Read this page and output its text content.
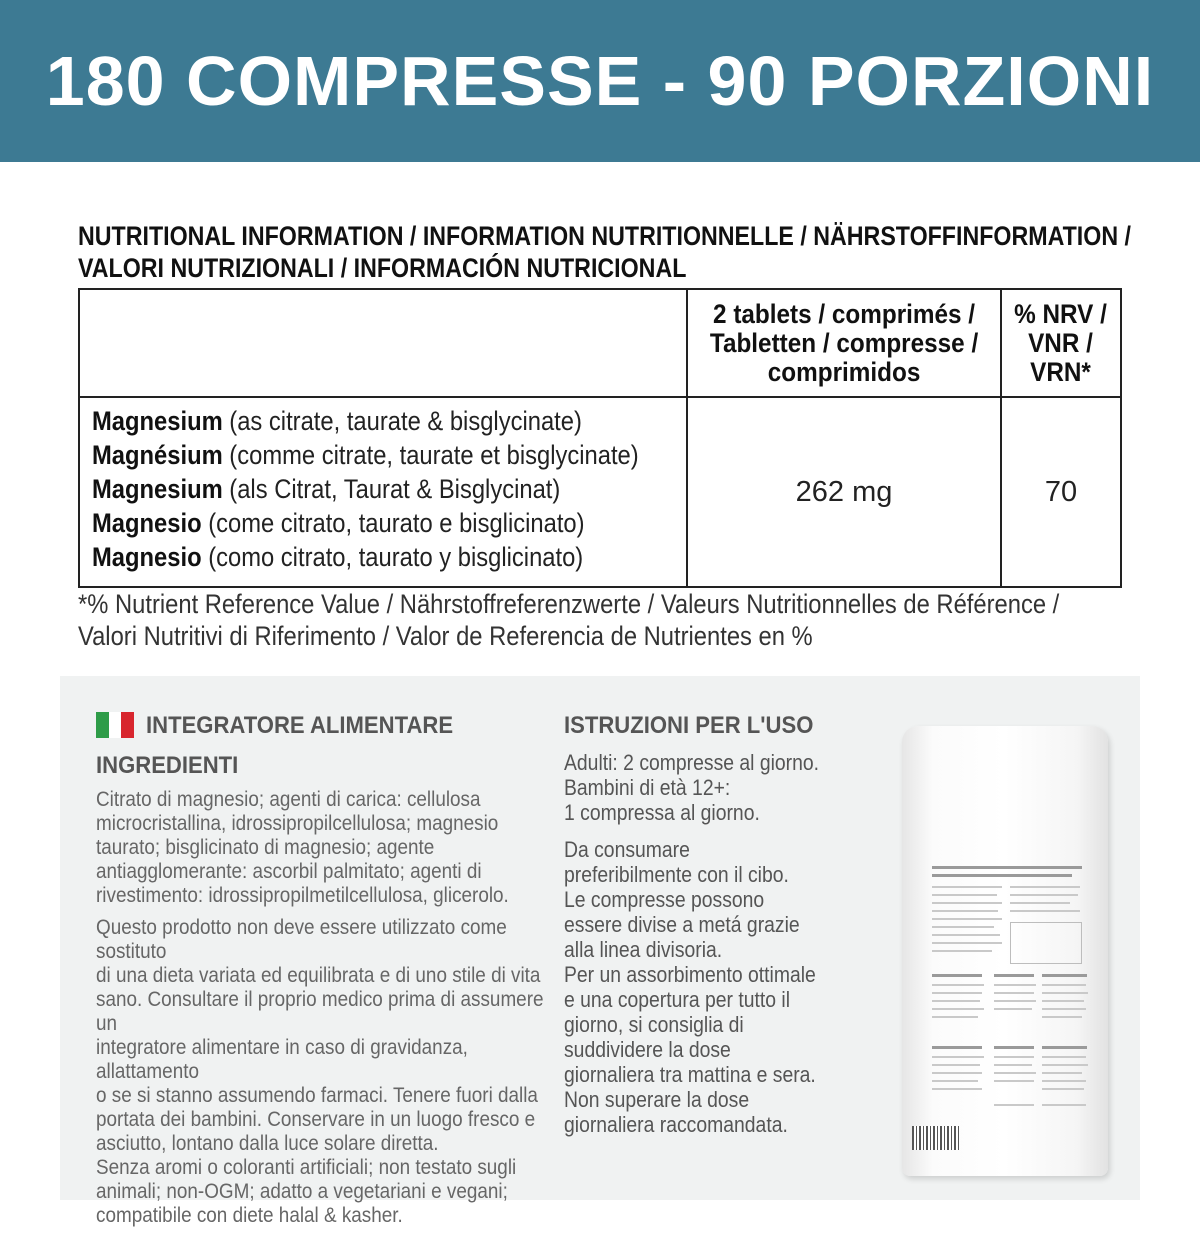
180 COMPRESSE - 90 PORZIONI
NUTRITIONAL INFORMATION / INFORMATION NUTRITIONNELLE / NÄHRSTOFFINFORMATION /
VALORI NUTRIZIONALI / INFORMACIÓN NUTRICIONAL
	2 tablets / comprimés /
Tabletten / compresse /
comprimidos	% NRV /
VNR /
VRN*

Magnesium (as citrate, taurate & bisglycinate)
Magnésium (comme citrate, taurate et bisglycinate)
Magnesium (als Citrat, Taurat & Bisglycinat)
Magnesio (come citrato, taurato e bisglicinato)
Magnesio (como citrato, taurato y bisglicinato)	262 mg	70
*% Nutrient Reference Value / Nährstoffreferenzwerte / Valeurs Nutritionnelles de Référence /
Valori Nutritivi di Riferimento / Valor de Referencia de Nutrientes en %
INTEGRATORE ALIMENTARE
INGREDIENTI

Citrato di magnesio; agenti di carica: cellulosa
microcristallina, idrossipropilcellulosa; magnesio
taurato; bisglicinato di magnesio; agente
antiagglomerante: ascorbil palmitato; agenti di
rivestimento: idrossipropilmetilcellulosa, glicerolo.

Questo prodotto non deve essere utilizzato come sostituto
di una dieta variata ed equilibrata e di uno stile di vita
sano. Consultare il proprio medico prima di assumere un
integratore alimentare in caso di gravidanza, allattamento
o se si stanno assumendo farmaci. Tenere fuori dalla
portata dei bambini. Conservare in un luogo fresco e
asciutto, lontano dalla luce solare diretta.
Senza aromi o coloranti artificiali; non testato sugli
animali; non-OGM; adatto a vegetariani e vegani;
compatibile con diete halal & kasher.

ISTRUZIONI PER L'USO

Adulti: 2 compresse al giorno.
Bambini di età 12+:
1 compressa al giorno.

Da consumare
preferibilmente con il cibo.
Le compresse possono
essere divise a metá grazie
alla linea divisoria.
Per un assorbimento ottimale
e una copertura per tutto il
giorno, si consiglia di
suddividere la dose
giornaliera tra mattina e sera.
Non superare la dose
giornaliera raccomandata.
